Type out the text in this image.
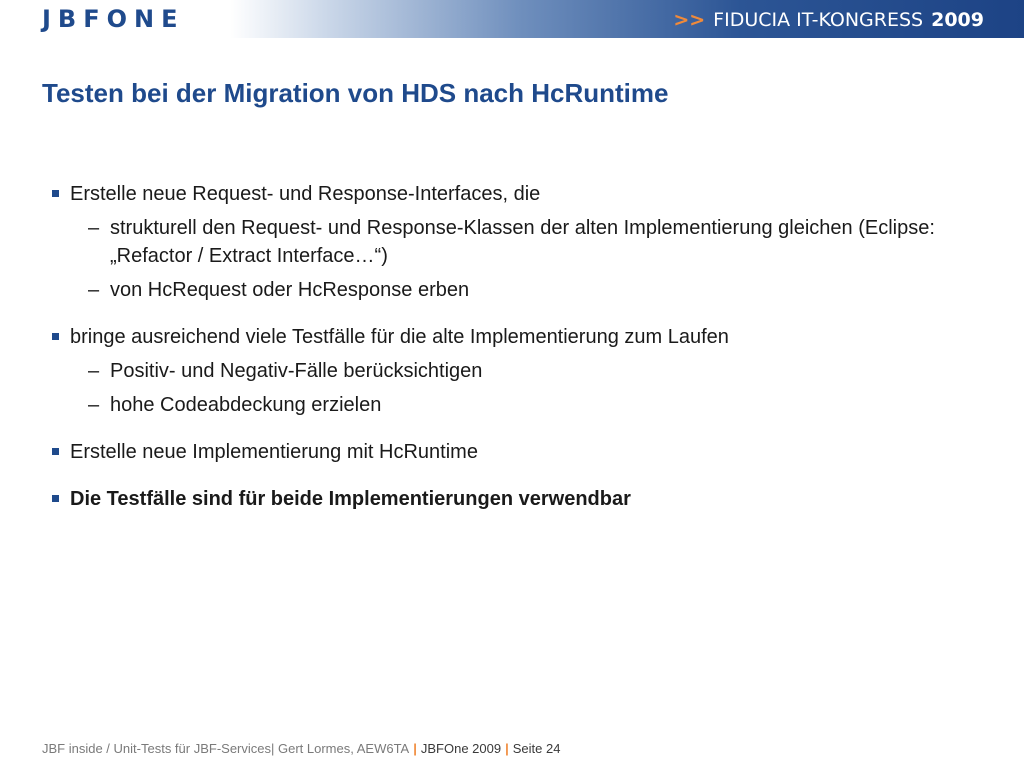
JBFONE	>> FIDUCIA IT-KONGRESS 2009
Testen bei der Migration von HDS nach HcRuntime

Erstelle neue Request- und Response-Interfaces, die

– strukturell den Request- und Response-Klassen der alten Implementierung gleichen (Eclipse: „Refactor / Extract Interface…“)

– von HcRequest oder HcResponse erben

bringe ausreichend viele Testfälle für die alte Implementierung zum Laufen

– Positiv- und Negativ-Fälle berücksichtigen

– hohe Codeabdeckung erzielen

Erstelle neue Implementierung mit HcRuntime

Die Testfälle sind für beide Implementierungen verwendbar

JBF inside / Unit-Tests für JBF-Services| Gert Lormes, AEW6TA | JBFOne 2009 | Seite 24
